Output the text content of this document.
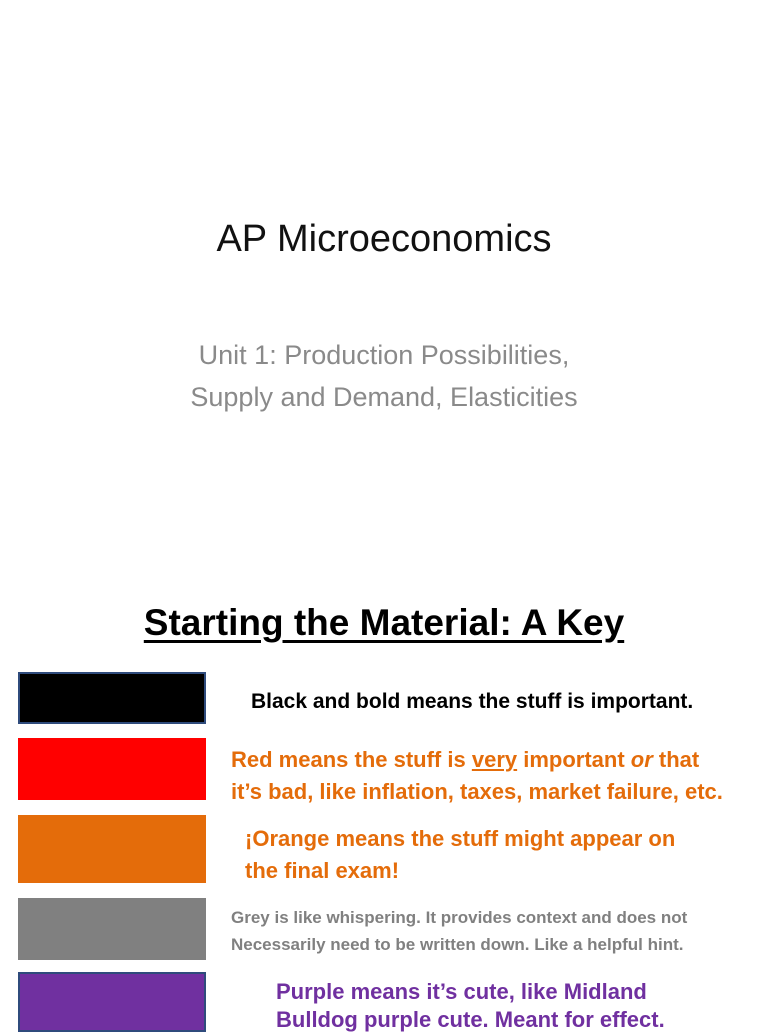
AP Microeconomics
Unit 1: Production Possibilities,
Supply and Demand, Elasticities
Starting the Material: A Key
Black and bold means the stuff is important.
Red means the stuff is very important or that
it’s bad, like inflation, taxes, market failure, etc.
¡Orange means the stuff might appear on
the final exam!
Grey is like whispering. It provides context and does not
Necessarily need to be written down. Like a helpful hint.
Purple means it’s cute, like Midland
Bulldog purple cute. Meant for effect.
